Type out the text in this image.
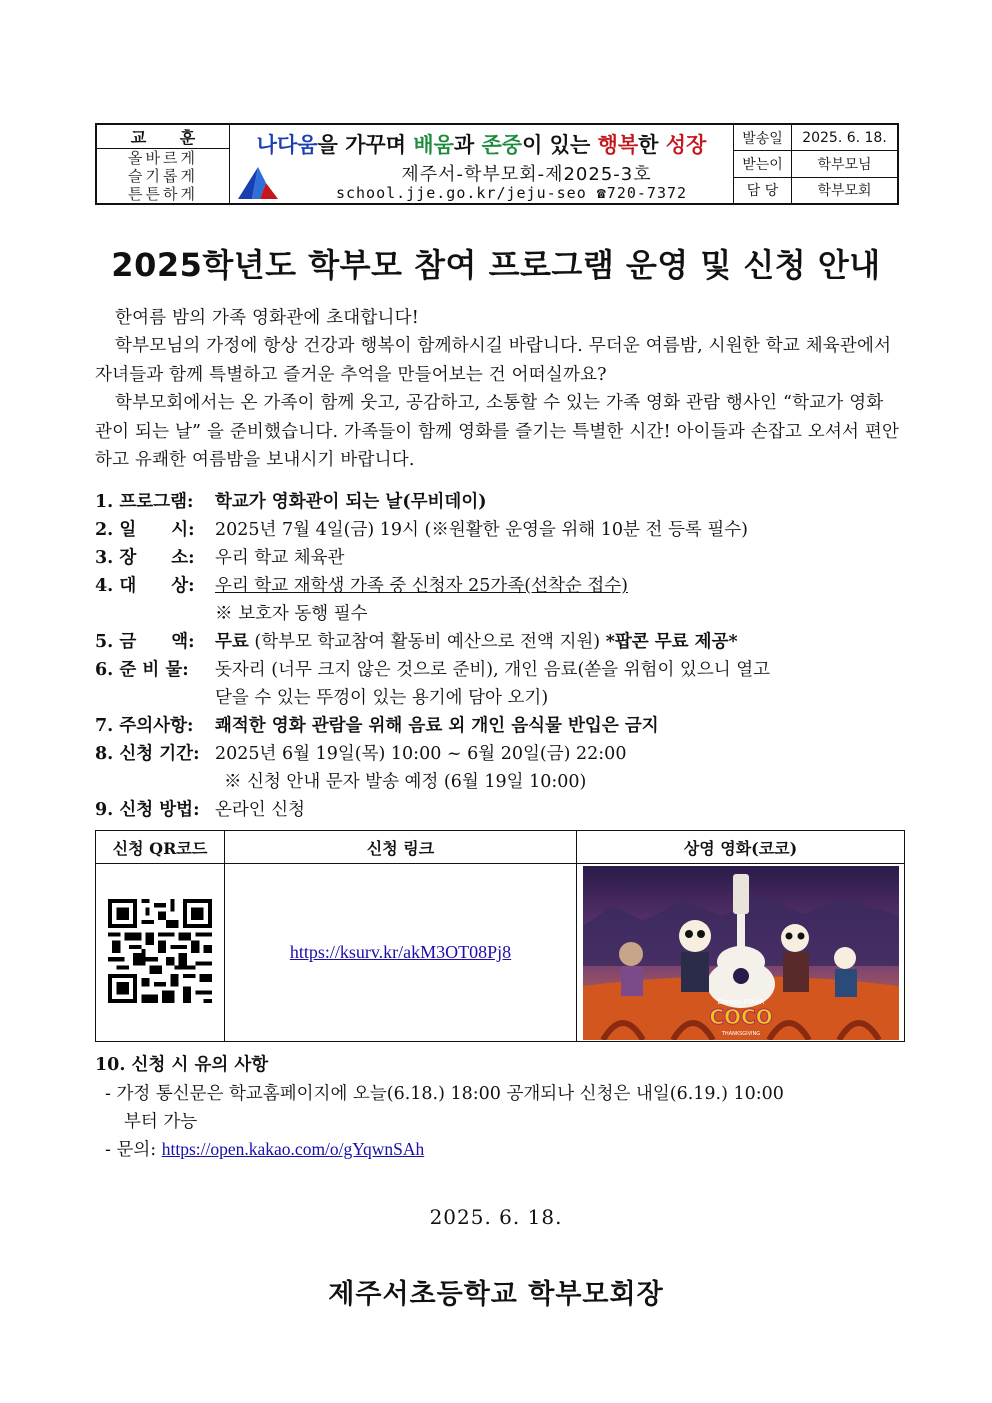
교 훈
올바르게
슬기롭게
튼튼하게
나다움을 가꾸며 배움과 존중이 있는 행복한 성장
제주서-학부모회-제2025-3호
school.jje.go.kr/jeju-seo ☎720-7372
발송일	2025. 6. 18.
받는이	학부모님
담 당	학부모회
2025학년도 학부모 참여 프로그램 운영 및 신청 안내
한여름 밤의 가족 영화관에 초대합니다!
학부모님의 가정에 항상 건강과 행복이 함께하시길 바랍니다. 무더운 여름밤, 시원한 학교 체육관에서 자녀들과 함께 특별하고 즐거운 추억을 만들어보는 건 어떠실까요?
학부모회에서는 온 가족이 함께 웃고, 공감하고, 소통할 수 있는 가족 영화 관람 행사인 “학교가 영화관이 되는 날” 을 준비했습니다. 가족들이 함께 영화를 즐기는 특별한 시간! 아이들과 손잡고 오셔서 편안하고 유쾌한 여름밤을 보내시기 바랍니다.
1. 프로그램: 학교가 영화관이 되는 날(무비데이)
2. 일　　시: 2025년 7월 4일(금) 19시 (※원활한 운영을 위해 10분 전 등록 필수)
3. 장　　소: 우리 학교 체육관
4. 대　　상: 우리 학교 재학생 가족 중 신청자 25가족(선착순 접수)
※ 보호자 동행 필수
5. 금　　액: 무료 (학부모 학교참여 활동비 예산으로 전액 지원) *팝콘 무료 제공*
6. 준 비 물: 돗자리 (너무 크지 않은 것으로 준비), 개인 음료(쏟을 위험이 있으니 열고
닫을 수 있는 뚜껑이 있는 용기에 담아 오기)
7. 주의사항: 쾌적한 영화 관람을 위해 음료 외 개인 음식물 반입은 금지
8. 신청 기간: 2025년 6월 19일(목) 10:00 ~ 6월 20일(금) 22:00
※ 신청 안내 문자 발송 예정 (6월 19일 10:00)
9. 신청 방법: 온라인 신청
신청 QR코드	신청 링크	상영 영화(코코)
	https://ksurv.kr/akM3OT08Pj8	Disney PIXAR
COCO
THANKSGIVING
10. 신청 시 유의 사항
- 가정 통신문은 학교홈페이지에 오늘(6.18.) 18:00 공개되나 신청은 내일(6.19.) 10:00
부터 가능
- 문의: https://open.kakao.com/o/gYqwnSAh
2025. 6. 18.
제주서초등학교 학부모회장
